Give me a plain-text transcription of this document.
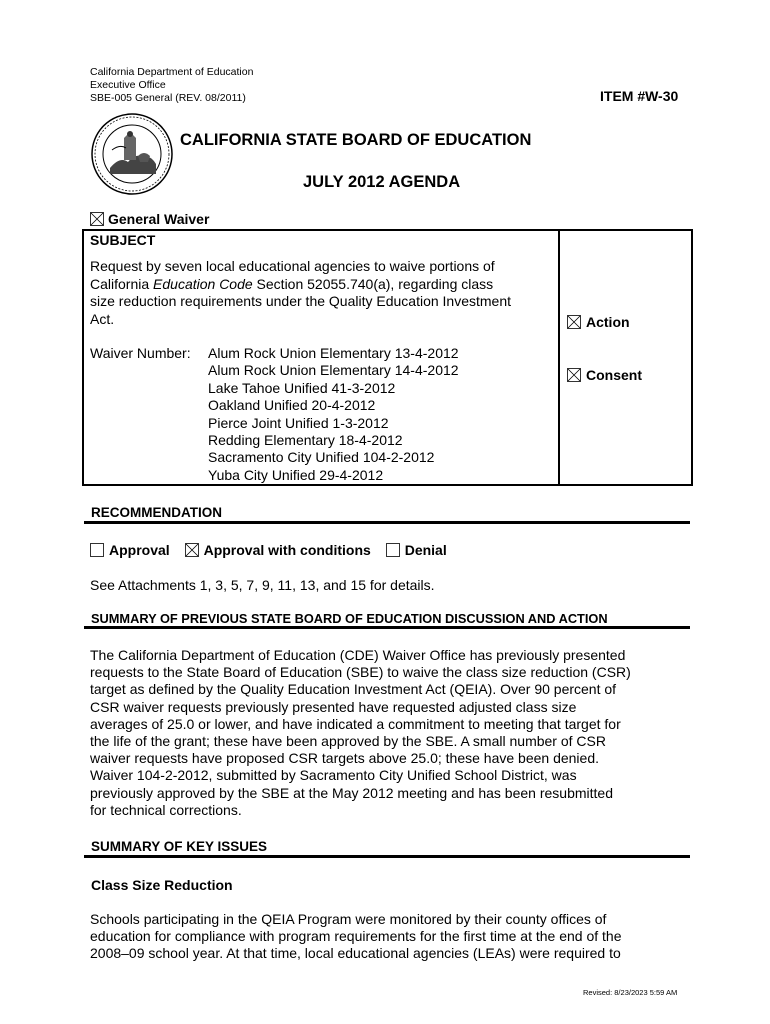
California Department of Education
Executive Office
SBE-005 General (REV. 08/2011)	ITEM #W-30
CALIFORNIA STATE BOARD OF EDUCATION
JULY 2012 AGENDA
General Waiver
SUBJECT
Request by seven local educational agencies to waive portions of
California Education Code Section 52055.740(a), regarding class
size reduction requirements under the Quality Education Investment
Act.
Waiver Number: Alum Rock Union Elementary 13-4-2012
Alum Rock Union Elementary 14-4-2012
Lake Tahoe Unified 41-3-2012
Oakland Unified 20-4-2012
Pierce Joint Unified 1-3-2012
Redding Elementary 18-4-2012
Sacramento City Unified 104-2-2012
Yuba City Unified 29-4-2012
Action
Consent
RECOMMENDATION
Approval Approval with conditions Denial
See Attachments 1, 3, 5, 7, 9, 11, 13, and 15 for details.
SUMMARY OF PREVIOUS STATE BOARD OF EDUCATION DISCUSSION AND ACTION
The California Department of Education (CDE) Waiver Office has previously presented
requests to the State Board of Education (SBE) to waive the class size reduction (CSR)
target as defined by the Quality Education Investment Act (QEIA). Over 90 percent of
CSR waiver requests previously presented have requested adjusted class size
averages of 25.0 or lower, and have indicated a commitment to meeting that target for
the life of the grant; these have been approved by the SBE. A small number of CSR
waiver requests have proposed CSR targets above 25.0; these have been denied.
Waiver 104-2-2012, submitted by Sacramento City Unified School District, was
previously approved by the SBE at the May 2012 meeting and has been resubmitted
for technical corrections.
SUMMARY OF KEY ISSUES
Class Size Reduction
Schools participating in the QEIA Program were monitored by their county offices of
education for compliance with program requirements for the first time at the end of the
2008–09 school year. At that time, local educational agencies (LEAs) were required to
Revised: 8/23/2023 5:59 AM
